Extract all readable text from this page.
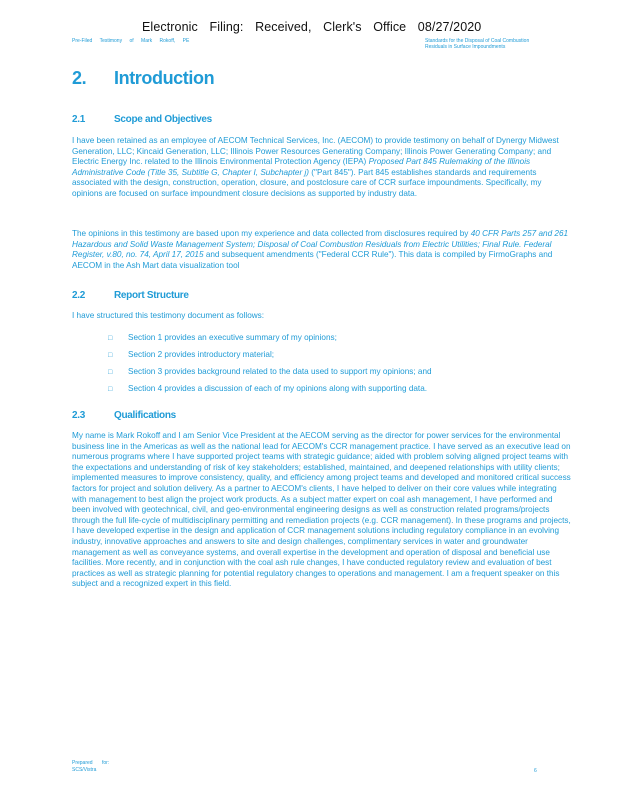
Electronic Filing: Received, Clerk's Office 08/27/2020
Pre-Filed Testimony of Mark Rokoff, PE	Standards for the Disposal of Coal Combustion Residuals in Surface Impoundments
2. Introduction
2.1	Scope and Objectives
I have been retained as an employee of AECOM Technical Services, Inc. (AECOM) to provide testimony on behalf of Dynergy Midwest Generation, LLC; Kincaid Generation, LLC; Illinois Power Resources Generating Company; Illinois Power Generating Company; and Electric Energy Inc. related to the Illinois Environmental Protection Agency (IEPA) Proposed Part 845 Rulemaking of the Illinois Administrative Code (Title 35, Subtitle G, Chapter I, Subchapter j) ("Part 845"). Part 845 establishes standards and requirements associated with the design, construction, operation, closure, and postclosure care of CCR surface impoundments. Specifically, my opinions are focused on surface impoundment closure decisions as supported by industry data.
The opinions in this testimony are based upon my experience and data collected from disclosures required by 40 CFR Parts 257 and 261 Hazardous and Solid Waste Management System; Disposal of Coal Combustion Residuals from Electric Utilities; Final Rule. Federal Register, v.80, no. 74, April 17, 2015 and subsequent amendments ("Federal CCR Rule"). This data is compiled by FirmoGraphs and AECOM in the Ash Mart data visualization tool
2.2	Report Structure
I have structured this testimony document as follows:
□ Section 1 provides an executive summary of my opinions;
□ Section 2 provides introductory material;
□ Section 3 provides background related to the data used to support my opinions; and
□ Section 4 provides a discussion of each of my opinions along with supporting data.
2.3	Qualifications
My name is Mark Rokoff and I am Senior Vice President at the AECOM serving as the director for power services for the environmental business line in the Americas as well as the national lead for AECOM's CCR management practice. I have served as an executive lead on numerous programs where I have supported project teams with strategic guidance; aided with problem solving aligned project teams with the expectations and understanding of risk of key stakeholders; established, maintained, and deepened relationships with utility clients; implemented measures to improve consistency, quality, and efficiency among project teams and developed and monitored critical success factors for project and solution delivery. As a partner to AECOM's clients, I have helped to deliver on their core values while integrating with management to best align the project work products. As a subject matter expert on coal ash management, I have performed and been involved with geotechnical, civil, and geo-environmental engineering designs as well as construction related programs/projects through the full life-cycle of multidisciplinary permitting and remediation projects (e.g. CCR management). In these programs and projects, I have developed expertise in the design and application of CCR management solutions including regulatory compliance in an evolving industry, innovative approaches and answers to site and design challenges, complimentary services in water and groundwater management as well as conveyance systems, and overall expertise in the development and operation of disposal and beneficial use facilities. More recently, and in conjunction with the coal ash rule changes, I have conducted regulatory review and evaluation of best practices as well as strategic planning for potential regulatory changes to operations and management. I am a frequent speaker on this subject and a recognized expert in this field.
Prepared for: SCS/Vistra	6
